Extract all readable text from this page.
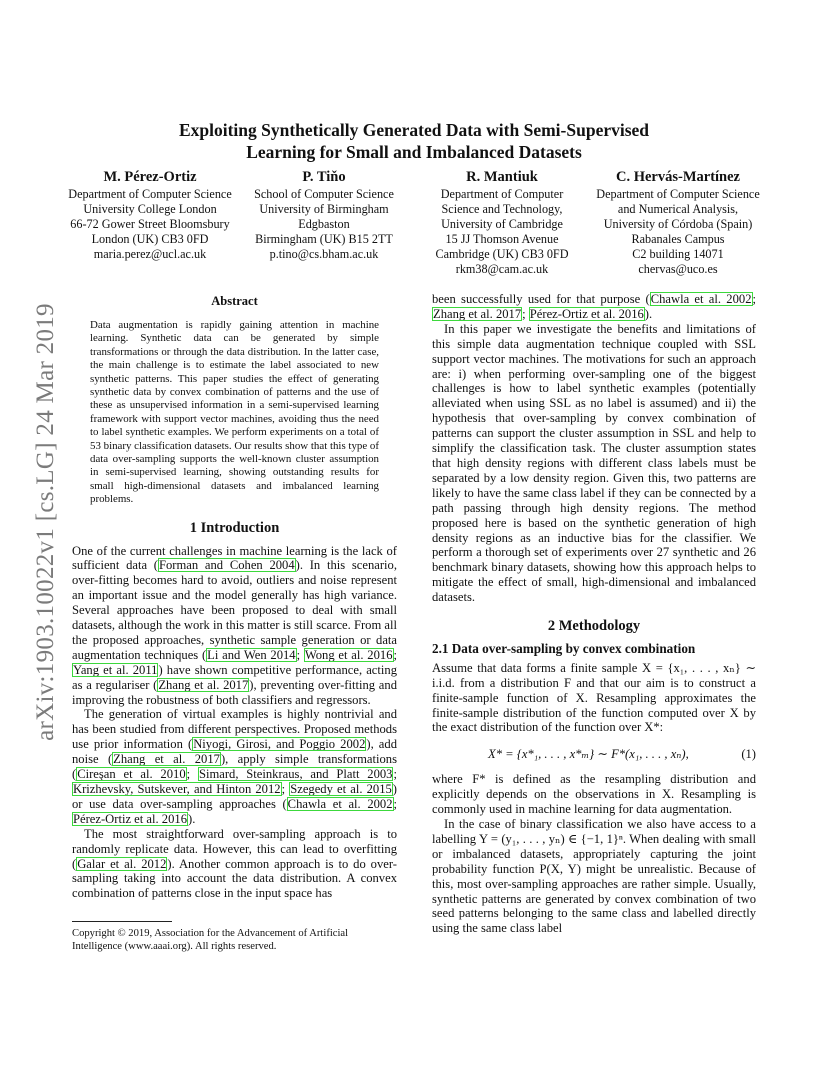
arXiv:1903.10022v1 [cs.LG] 24 Mar 2019
Exploiting Synthetically Generated Data with Semi-Supervised
Learning for Small and Imbalanced Datasets
M. Pérez-Ortiz
Department of Computer Science
University College London
66-72 Gower Street Bloomsbury
London (UK) CB3 0FD
maria.perez@ucl.ac.uk
P. Tiňo
School of Computer Science
University of Birmingham
Edgbaston
Birmingham (UK) B15 2TT
p.tino@cs.bham.ac.uk
R. Mantiuk
Department of Computer
Science and Technology,
University of Cambridge
15 JJ Thomson Avenue
Cambridge (UK) CB3 0FD
rkm38@cam.ac.uk
C. Hervás-Martínez
Department of Computer Science
and Numerical Analysis,
University of Córdoba (Spain)
Rabanales Campus
C2 building 14071
chervas@uco.es
Abstract

Data augmentation is rapidly gaining attention in machine learning. Synthetic data can be generated by simple transformations or through the data distribution. In the latter case, the main challenge is to estimate the label associated to new synthetic patterns. This paper studies the effect of generating synthetic data by convex combination of patterns and the use of these as unsupervised information in a semi-supervised learning framework with support vector machines, avoiding thus the need to label synthetic examples. We perform experiments on a total of 53 binary classification datasets. Our results show that this type of data over-sampling supports the well-known cluster assumption in semi-supervised learning, showing outstanding results for small high-dimensional datasets and imbalanced learning problems.

1 Introduction

One of the current challenges in machine learning is the lack of sufficient data (Forman and Cohen 2004). In this scenario, over-fitting becomes hard to avoid, outliers and noise represent an important issue and the model generally has high variance. Several approaches have been proposed to deal with small datasets, although the work in this matter is still scarce. From all the proposed approaches, synthetic sample generation or data augmentation techniques (Li and Wen 2014; Wong et al. 2016; Yang et al. 2011) have shown competitive performance, acting as a regulariser (Zhang et al. 2017), preventing over-fitting and improving the robustness of both classifiers and regressors.

The generation of virtual examples is highly nontrivial and has been studied from different perspectives. Proposed methods use prior information (Niyogi, Girosi, and Poggio 2002), add noise (Zhang et al. 2017), apply simple transformations (Cireşan et al. 2010; Simard, Steinkraus, and Platt 2003; Krizhevsky, Sutskever, and Hinton 2012; Szegedy et al. 2015) or use data over-sampling approaches (Chawla et al. 2002; Pérez-Ortiz et al. 2016).

The most straightforward over-sampling approach is to randomly replicate data. However, this can lead to overfitting (Galar et al. 2012). Another common approach is to do over-sampling taking into account the data distribution. A convex combination of patterns close in the input space has

been successfully used for that purpose (Chawla et al. 2002; Zhang et al. 2017; Pérez-Ortiz et al. 2016).

In this paper we investigate the benefits and limitations of this simple data augmentation technique coupled with SSL support vector machines. The motivations for such an approach are: i) when performing over-sampling one of the biggest challenges is how to label synthetic examples (potentially alleviated when using SSL as no label is assumed) and ii) the hypothesis that over-sampling by convex combination of patterns can support the cluster assumption in SSL and help to simplify the classification task. The cluster assumption states that high density regions with different class labels must be separated by a low density region. Given this, two patterns are likely to have the same class label if they can be connected by a path passing through high density regions. The method proposed here is based on the synthetic generation of high density regions as an inductive bias for the classifier. We perform a thorough set of experiments over 27 synthetic and 26 benchmark binary datasets, showing how this approach helps to mitigate the effect of small, high-dimensional and imbalanced datasets.

2 Methodology
2.1 Data over-sampling by convex combination

Assume that data forms a finite sample X = {x₁, . . . , xₙ} ∼ i.i.d. from a distribution F and that our aim is to construct a finite-sample function of X. Resampling approximates the finite-sample distribution of the function computed over X by the exact distribution of the function over X*:

X* = {x*₁, . . . , x*ₘ} ∼ F*(x₁, . . . , xₙ),	(1)

where F* is defined as the resampling distribution and explicitly depends on the observations in X. Resampling is commonly used in machine learning for data augmentation.

In the case of binary classification we also have access to a labelling Y = (y₁, . . . , yₙ) ∈ {−1, 1}ⁿ. When dealing with small or imbalanced datasets, appropriately capturing the joint probability function P(X, Y) might be unrealistic. Because of this, most over-sampling approaches are rather simple. Usually, synthetic patterns are generated by convex combination of two seed patterns belonging to the same class and labelled directly using the same class label

Copyright © 2019, Association for the Advancement of Artificial
Intelligence (www.aaai.org). All rights reserved.
